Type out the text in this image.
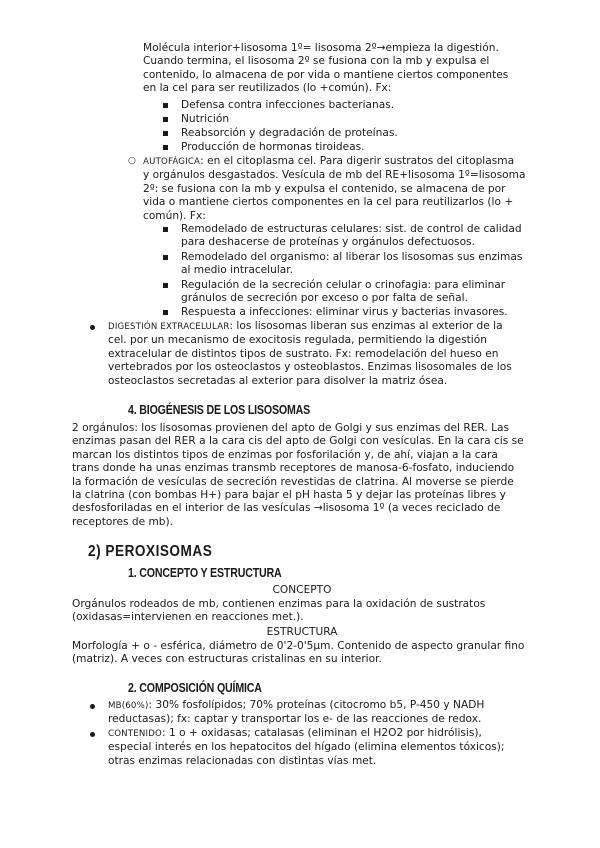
Molécula interior+lisosoma 1º= lisosoma 2º→empieza la digestión.
Cuando termina, el lisosoma 2º se fusiona con la mb y expulsa el
contenido, lo almacena de por vida o mantiene ciertos componentes
en la cel para ser reutilizados (lo +común). Fx:
Defensa contra infecciones bacterianas.
Nutrición
Reabsorción y degradación de proteínas.
Producción de hormonas tiroideas.
○ AUTOFÁGICA: en el citoplasma cel. Para digerir sustratos del citoplasma
y orgánulos desgastados. Vesícula de mb del RE+lisosoma 1º=lisosoma
2º: se fusiona con la mb y expulsa el contenido, se almacena de por
vida o mantiene ciertos componentes en la cel para reutilizarlos (lo +
común). Fx:
Remodelado de estructuras celulares: sist. de control de calidad
para deshacerse de proteínas y orgánulos defectuosos.
Remodelado del organismo: al liberar los lisosomas sus enzimas
al medio intracelular.
Regulación de la secreción celular o crinofagia: para eliminar
gránulos de secreción por exceso o por falta de señal.
Respuesta a infecciones: eliminar virus y bacterias invasores.
DIGESTIÓN EXTRACELULAR: los lisosomas liberan sus enzimas al exterior de la
cel. por un mecanismo de exocitosis regulada, permitiendo la digestión
extracelular de distintos tipos de sustrato. Fx: remodelación del hueso en
vertebrados por los osteoclastos y osteoblastos. Enzimas lisosomales de los
osteoclastos secretadas al exterior para disolver la matriz ósea.
4. BIOGÉNESIS DE LOS LISOSOMAS
2 orgánulos: los lisosomas provienen del apto de Golgi y sus enzimas del RER. Las
enzimas pasan del RER a la cara cis del apto de Golgi con vesículas. En la cara cis se
marcan los distintos tipos de enzimas por fosforilación y, de ahí, viajan a la cara
trans donde ha unas enzimas transmb receptores de manosa-6-fosfato, induciendo
la formación de vesículas de secreción revestidas de clatrina. Al moverse se pierde
la clatrina (con bombas H+) para bajar el pH hasta 5 y dejar las proteínas libres y
desfosforiladas en el interior de las vesículas →lisosoma 1º (a veces reciclado de
receptores de mb).
2) PEROXISOMAS
1. CONCEPTO Y ESTRUCTURA
CONCEPTO
Orgánulos rodeados de mb, contienen enzimas para la oxidación de sustratos
(oxidasas=intervienen en reacciones met.).
ESTRUCTURA
Morfología + o - esférica, diámetro de 0'2-0'5µm. Contenido de aspecto granular fino
(matriz). A veces con estructuras cristalinas en su interior.
2. COMPOSICIÓN QUÍMICA
MB(60%): 30% fosfolípidos; 70% proteínas (citocromo b5, P-450 y NADH
reductasas); fx: captar y transportar los e- de las reacciones de redox.
CONTENIDO: 1 o + oxidasas; catalasas (eliminan el H2O2 por hidrólisis),
especial interés en los hepatocitos del hígado (elimina elementos tóxicos);
otras enzimas relacionadas con distintas vías met.
